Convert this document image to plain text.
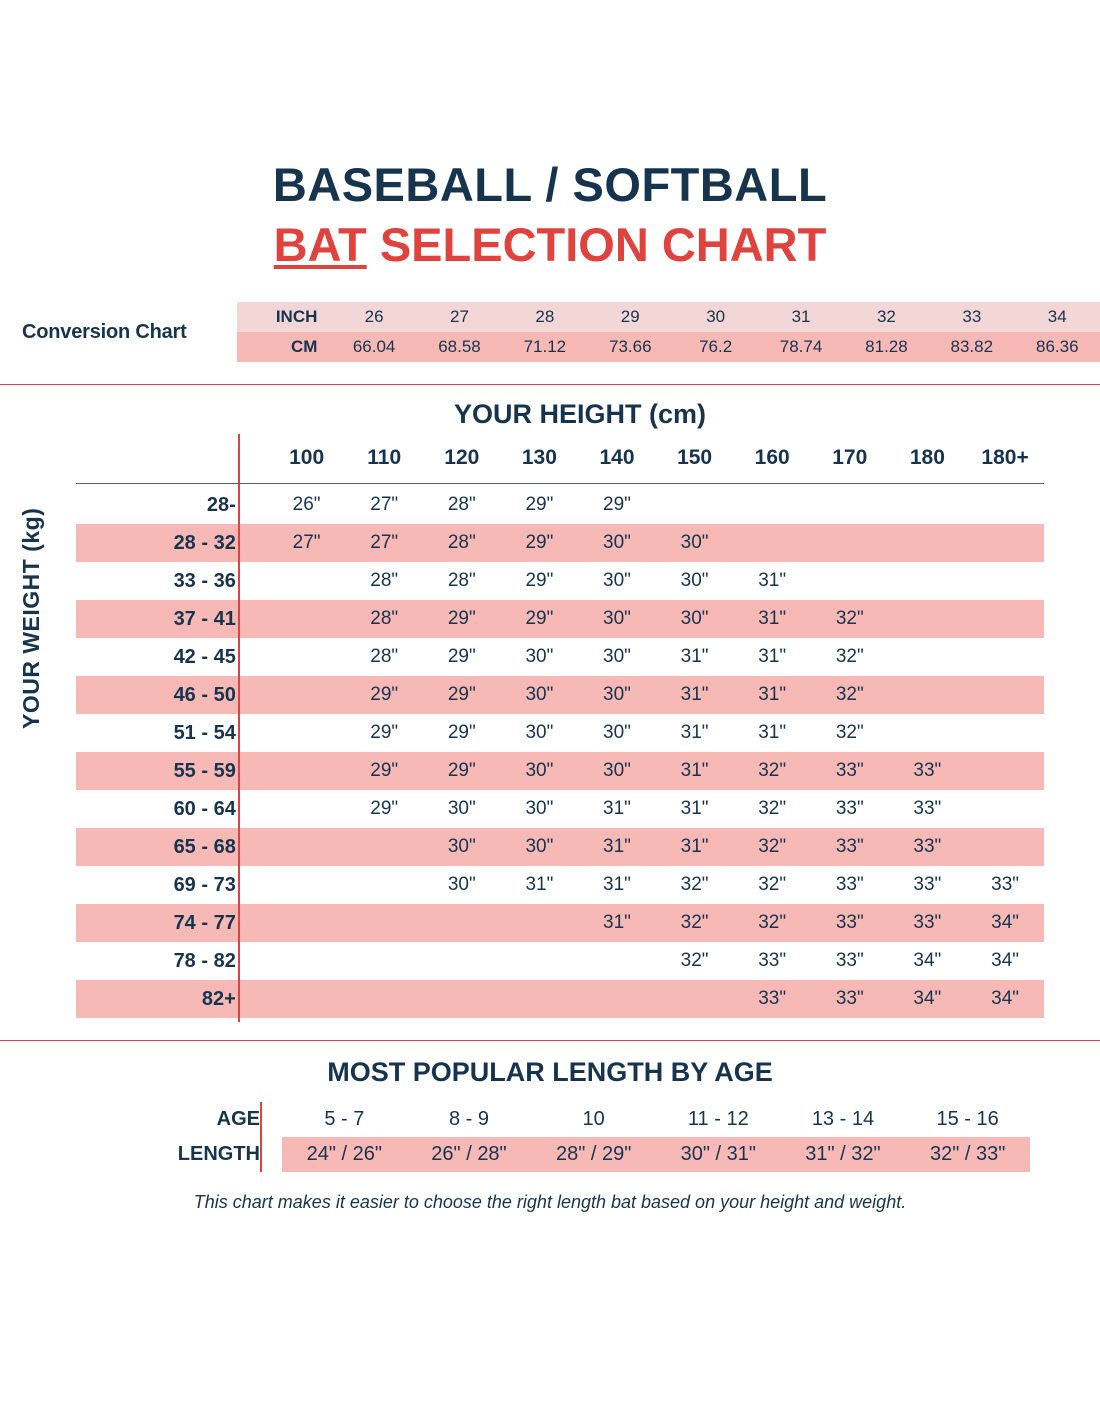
BASEBALL / SOFTBALL
BAT SELECTION CHART
Conversion Chart
INCH	26	27	28	29	30	31	32	33	34
CM	66.04	68.58	71.12	73.66	76.2	78.74	81.28	83.82	86.36
YOUR WEIGHT (kg)
YOUR HEIGHT (cm)
	100	110	120	130	140	150	160	170	180	180+
28-	26"	27"	28"	29"	29"					
28 - 32	27"	27"	28"	29"	30"	30"				
33 - 36		28"	28"	29"	30"	30"	31"			
37 - 41		28"	29"	29"	30"	30"	31"	32"		
42 - 45		28"	29"	30"	30"	31"	31"	32"		
46 - 50		29"	29"	30"	30"	31"	31"	32"		
51 - 54		29"	29"	30"	30"	31"	31"	32"		
55 - 59		29"	29"	30"	30"	31"	32"	33"	33"	
60 - 64		29"	30"	30"	31"	31"	32"	33"	33"	
65 - 68			30"	30"	31"	31"	32"	33"	33"	
69 - 73			30"	31"	31"	32"	32"	33"	33"	33"
74 - 77					31"	32"	32"	33"	33"	34"
78 - 82						32"	33"	33"	34"	34"
82+							33"	33"	34"	34"
MOST POPULAR LENGTH BY AGE
AGE	5 - 7	8 - 9	10	11 - 12	13 - 14	15 - 16
LENGTH	24" / 26"	26" / 28"	28" / 29"	30" / 31"	31" / 32"	32" / 33"
This chart makes it easier to choose the right length bat based on your height and weight.
